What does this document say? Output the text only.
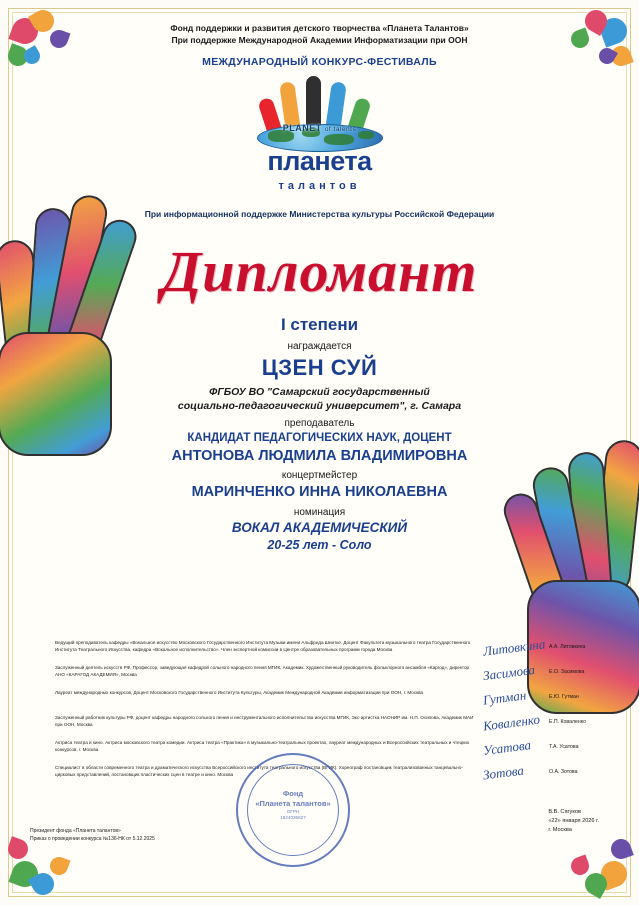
Фонд поддержки и развития детского творчества «Планета Талантов»
При поддержке Международной Академии Информатизации при ООН
МЕЖДУНАРОДНЫЙ КОНКУРС-ФЕСТИВАЛЬ
PLANET of talents
планета
талантов
При информационной поддержке Министерства культуры Российской Федерации
Дипломант
I степени
награждается
ЦЗЕН СУЙ
ФГБОУ ВО "Самарский государственный
социально-педагогический университет", г. Самара
преподаватель
КАНДИДАТ ПЕДАГОГИЧЕСКИХ НАУК, ДОЦЕНТ
АНТОНОВА ЛЮДМИЛА ВЛАДИМИРОВНА
концертмейстер
МАРИНЧЕНКО ИННА НИКОЛАЕВНА
номинация
ВОКАЛ АКАДЕМИЧЕСКИЙ
20-25 лет - Соло
Ведущий преподаватель кафедры «Вокальное искусство Московского Государственного Института Музыки имени Альфреда Шнитке. Доцент Факультета музыкального театра Государственного Института Театрального Искусства, кафедра «Вокальное исполнительство». Член экспертной комиссии в Центре образовательных программ города Москва	Литовкина А.А. Литовкина
Заслуженный деятель искусств РФ, Профессор, заведующая кафедрой сольного народного пения МГИК, Академик. Художественный руководитель фольклорного ансамбля «Каргод», директор АНО «КАРАГОД АКАДЕМИЯ», Москва	Засимова	Е.О. Засимова
Лауреат международных конкурсов, Доцент Московского Государственного Института Культуры, Академик Международной Академии информатизации при ООН, г. Москва	Гутман	Е.Ю. Гутман
Заслуженный работник культуры РФ, доцент кафедры народного сольного пения и инструментального исполнительства искусства МГИК, Экс-артистка НАОНИР им. Н.П. Осипова, Академик МАИ при ООН, Москва	Коваленко Е.П. Коваленко
Актриса театра и кино. Актриса московского театра комедии. Актриса театра «Практика» в музыкально-театральных проектах, лауреат международных и Всероссийских театральных и чтецких конкурсов, г. Москва	Усатова	Т.А. Усатова
Специалист в области современного театра и драматического искусства Всероссийского института театрального искусства (ВГИК). Хореограф постановщик театрализованных танцевально-цирковых представлений, постановщик пластических сцен в театре и кино. Москва	Зотова	О.А. Зотова
Президент фонда «Планета талантов»
Приказ о проведении конкурса №136-НК от 5.12.2025
В.В. Сягуков
«22» января 2026 г.
г. Москва
Фонд
«Планета талантов»
ОГРН
1624036627
